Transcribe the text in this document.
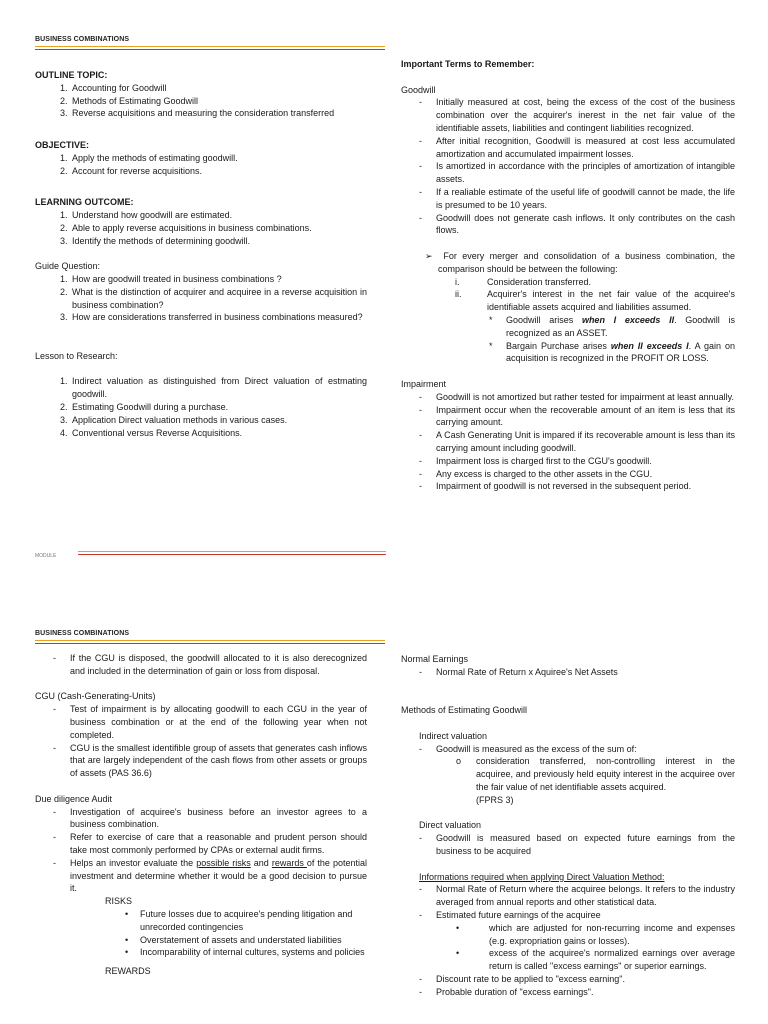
BUSINESS COMBINATIONS
OUTLINE TOPIC:
1. Accounting for Goodwill
2. Methods of Estimating Goodwill
3. Reverse acquisitions and measuring the consideration transferred
OBJECTIVE:
1. Apply the methods of estimating goodwill.
2. Account for reverse acquisitions.
LEARNING OUTCOME:
1. Understand how goodwill are estimated.
2. Able to apply reverse acquisitions in business combinations.
3. Identify the methods of determining goodwill.

Guide Question:

1. How are goodwill treated in business combinations ?
2. What is the distinction of acquirer and acquiree in a reverse acquisition in business combination?
3. How are considerations transferred in business combinations measured?

Lesson to Research:

1. Indirect valuation as distinguished from Direct valuation of estmating goodwill.
2. Estimating Goodwill during a purchase.
3. Application Direct valuation methods in various cases.
4. Conventional versus Reverse Acquisitions.
Important Terms to Remember:

Goodwill

- Initially measured at cost, being the excess of the cost of the business combination over the acquirer's inerest in the net fair value of the identifiable assets, liabilities and contingent liabilities recognized.
- After initial recognition, Goodwill is measured at cost less accumulated amortization and accumulated impairment losses.
- Is amortized in accordance with the principles of amortization of intangible assets.
- If a realiable estimate of the useful life of goodwill cannot be made, the life is presumed to be 10 years.
- Goodwill does not generate cash inflows. It only contributes on the cash flows.

➢ For every merger and consolidation of a business combination, the comparison should be between the following:

i.	Consideration transferred.
ii.	Acquirer's interest in the net fair value of the acquiree's identifiable assets acquired and liabilities assumed.

* Goodwill arises when I exceeds II. Goodwill is recognized as an ASSET.

* Bargain Purchase arises when II exceeds I. A gain on acquisition is recognized in the PROFIT OR LOSS.

Impairment

- Goodwill is not amortized but rather tested for impairment at least annually.
- Impairment occur when the recoverable amount of an item is less that its carrying amount.
- A Cash Generating Unit is impared if its recoverable amount is less than its carrying amount including goodwill.
- Impairment loss is charged first to the CGU's goodwill.
- Any excess is charged to the other assets in the CGU.
- Impairment of goodwill is not reversed in the subsequent period.
MODULE
BUSINESS COMBINATIONS
- If the CGU is disposed, the goodwill allocated to it is also derecognized and included in the determination of gain or loss from disposal.

CGU (Cash-Generating-Units)

- Test of impairment is by allocating goodwill to each CGU in the year of business combination or at the end of the following year when not completed.
- CGU is the smallest identifible group of assets that generates cash inflows that are largely independent of the cash flows from other assets or groups of assets (PAS 36.6)

Due diligence Audit

- Investigation of acquiree's business before an investor agrees to a business combination.
- Refer to exercise of care that a reasonable and prudent person should take most commonly performed by CPAs or external audit firms.
- Helps an investor evaluate the possible risks and rewards of the potential investment and determine whether it would be a good decision to pursue it.

RISKS

• Future losses due to acquiree's pending litigation and unrecorded contingencies
• Overstatement of assets and understated liabilities
• Incomparability of internal cultures, systems and policies

REWARDS

Normal Earnings

- Normal Rate of Return x Aquiree's Net Assets

Methods of Estimating Goodwill

Indirect valuation

- Goodwill is measured as the excess of the sum of:

o consideration transferred, non-controlling interest in the acquiree, and previously held equity interest in the acquiree over the fair value of net identifiable assets acquired.

(FPRS 3)

Direct valuation

- Goodwill is measured based on expected future earnings from the business to be acquired

Informations required when applying Direct Valuation Method:

- Normal Rate of Return where the acquiree belongs. It refers to the industry averaged from annual reports and other statistical data.
- Estimated future earnings of the acquiree
•	which are adjusted for non-recurring income and expenses (e.g. expropriation gains or losses).
•	excess of the acquiree's normalized earnings over average return is called "excess earnings" or superior earnings.
- Discount rate to be applied to "excess earning".
- Probable duration of "excess earnings".
